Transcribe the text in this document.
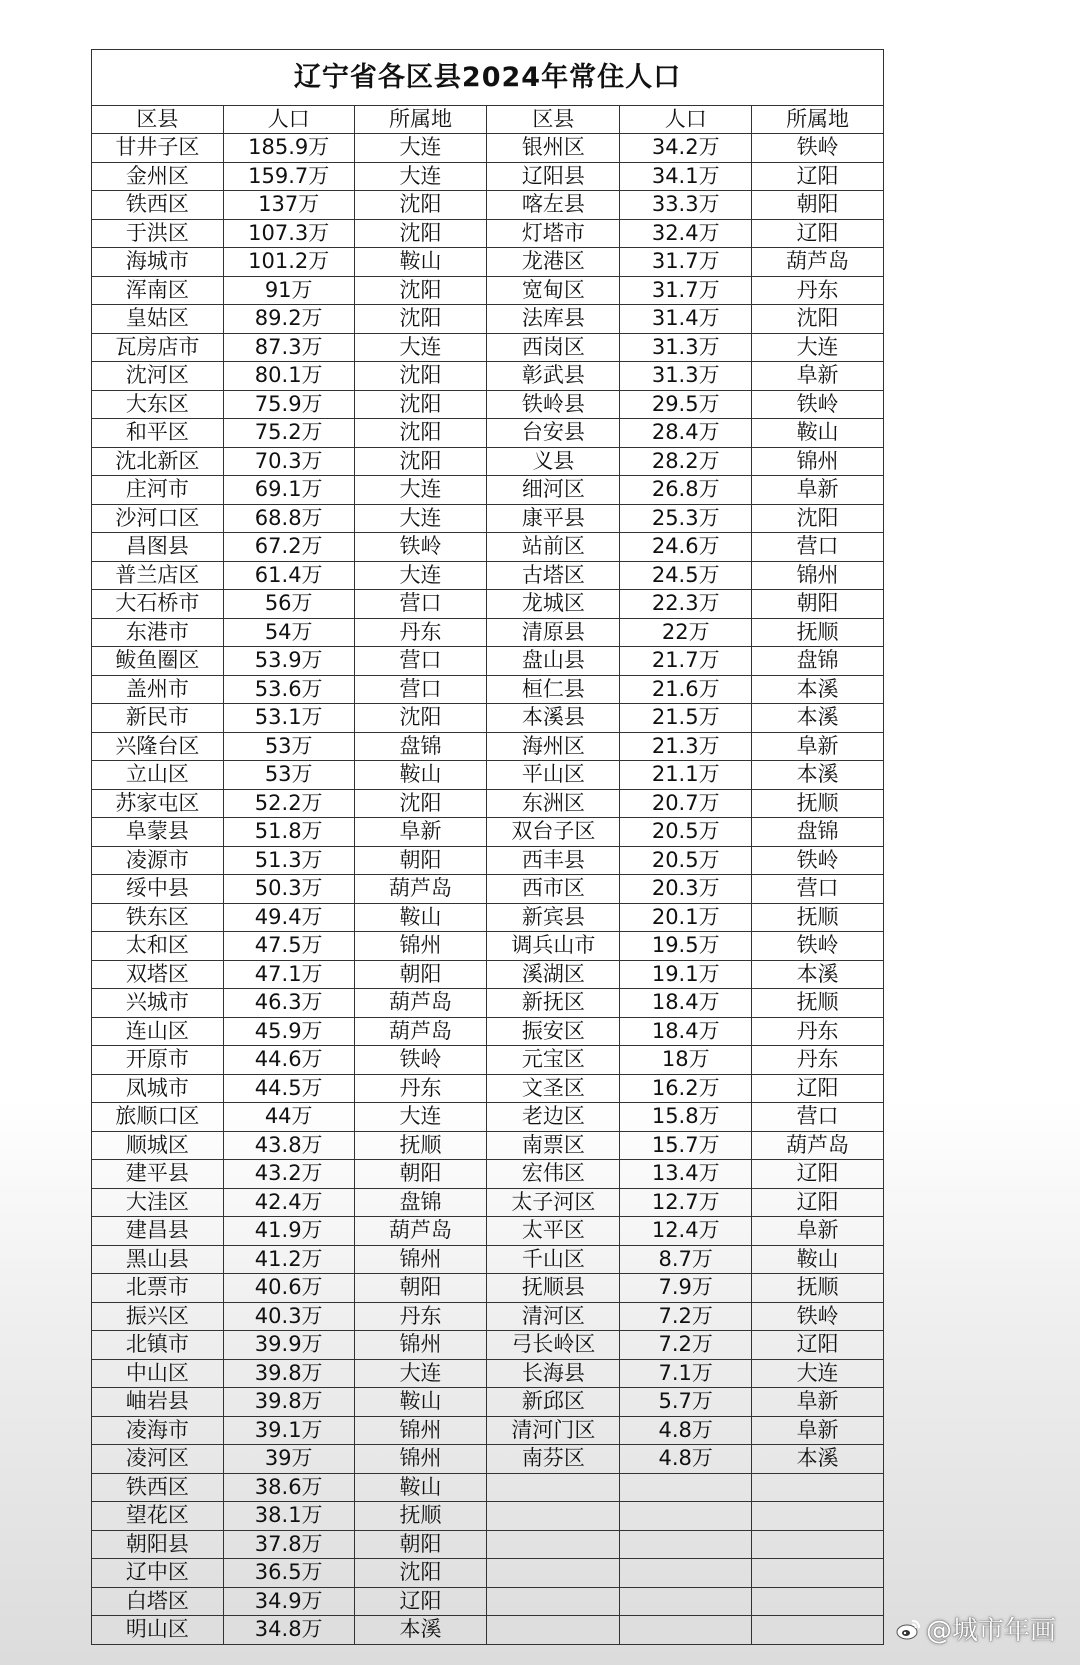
辽宁省各区县2024年常住人口					
区县	人口	所属地	区县	人口	所属地
甘井子区	185.9万	大连	银州区	34.2万	铁岭
金州区	159.7万	大连	辽阳县	34.1万	辽阳
铁西区	137万	沈阳	喀左县	33.3万	朝阳
于洪区	107.3万	沈阳	灯塔市	32.4万	辽阳
海城市	101.2万	鞍山	龙港区	31.7万	葫芦岛
浑南区	91万	沈阳	宽甸区	31.7万	丹东
皇姑区	89.2万	沈阳	法库县	31.4万	沈阳
瓦房店市	87.3万	大连	西岗区	31.3万	大连
沈河区	80.1万	沈阳	彰武县	31.3万	阜新
大东区	75.9万	沈阳	铁岭县	29.5万	铁岭
和平区	75.2万	沈阳	台安县	28.4万	鞍山
沈北新区	70.3万	沈阳	义县	28.2万	锦州
庄河市	69.1万	大连	细河区	26.8万	阜新
沙河口区	68.8万	大连	康平县	25.3万	沈阳
昌图县	67.2万	铁岭	站前区	24.6万	营口
普兰店区	61.4万	大连	古塔区	24.5万	锦州
大石桥市	56万	营口	龙城区	22.3万	朝阳
东港市	54万	丹东	清原县	22万	抚顺
鲅鱼圈区	53.9万	营口	盘山县	21.7万	盘锦
盖州市	53.6万	营口	桓仁县	21.6万	本溪
新民市	53.1万	沈阳	本溪县	21.5万	本溪
兴隆台区	53万	盘锦	海州区	21.3万	阜新
立山区	53万	鞍山	平山区	21.1万	本溪
苏家屯区	52.2万	沈阳	东洲区	20.7万	抚顺
阜蒙县	51.8万	阜新	双台子区	20.5万	盘锦
凌源市	51.3万	朝阳	西丰县	20.5万	铁岭
绥中县	50.3万	葫芦岛	西市区	20.3万	营口
铁东区	49.4万	鞍山	新宾县	20.1万	抚顺
太和区	47.5万	锦州	调兵山市	19.5万	铁岭
双塔区	47.1万	朝阳	溪湖区	19.1万	本溪
兴城市	46.3万	葫芦岛	新抚区	18.4万	抚顺
连山区	45.9万	葫芦岛	振安区	18.4万	丹东
开原市	44.6万	铁岭	元宝区	18万	丹东
凤城市	44.5万	丹东	文圣区	16.2万	辽阳
旅顺口区	44万	大连	老边区	15.8万	营口
顺城区	43.8万	抚顺	南票区	15.7万	葫芦岛
建平县	43.2万	朝阳	宏伟区	13.4万	辽阳
大洼区	42.4万	盘锦	太子河区	12.7万	辽阳
建昌县	41.9万	葫芦岛	太平区	12.4万	阜新
黑山县	41.2万	锦州	千山区	8.7万	鞍山
北票市	40.6万	朝阳	抚顺县	7.9万	抚顺
振兴区	40.3万	丹东	清河区	7.2万	铁岭
北镇市	39.9万	锦州	弓长岭区	7.2万	辽阳
中山区	39.8万	大连	长海县	7.1万	大连
岫岩县	39.8万	鞍山	新邱区	5.7万	阜新
凌海市	39.1万	锦州	清河门区	4.8万	阜新
凌河区	39万	锦州	南芬区	4.8万	本溪
铁西区	38.6万	鞍山			
望花区	38.1万	抚顺			
朝阳县	37.8万	朝阳			
辽中区	36.5万	沈阳			
白塔区	34.9万	辽阳			
明山区	34.8万	本溪				@城市年画
